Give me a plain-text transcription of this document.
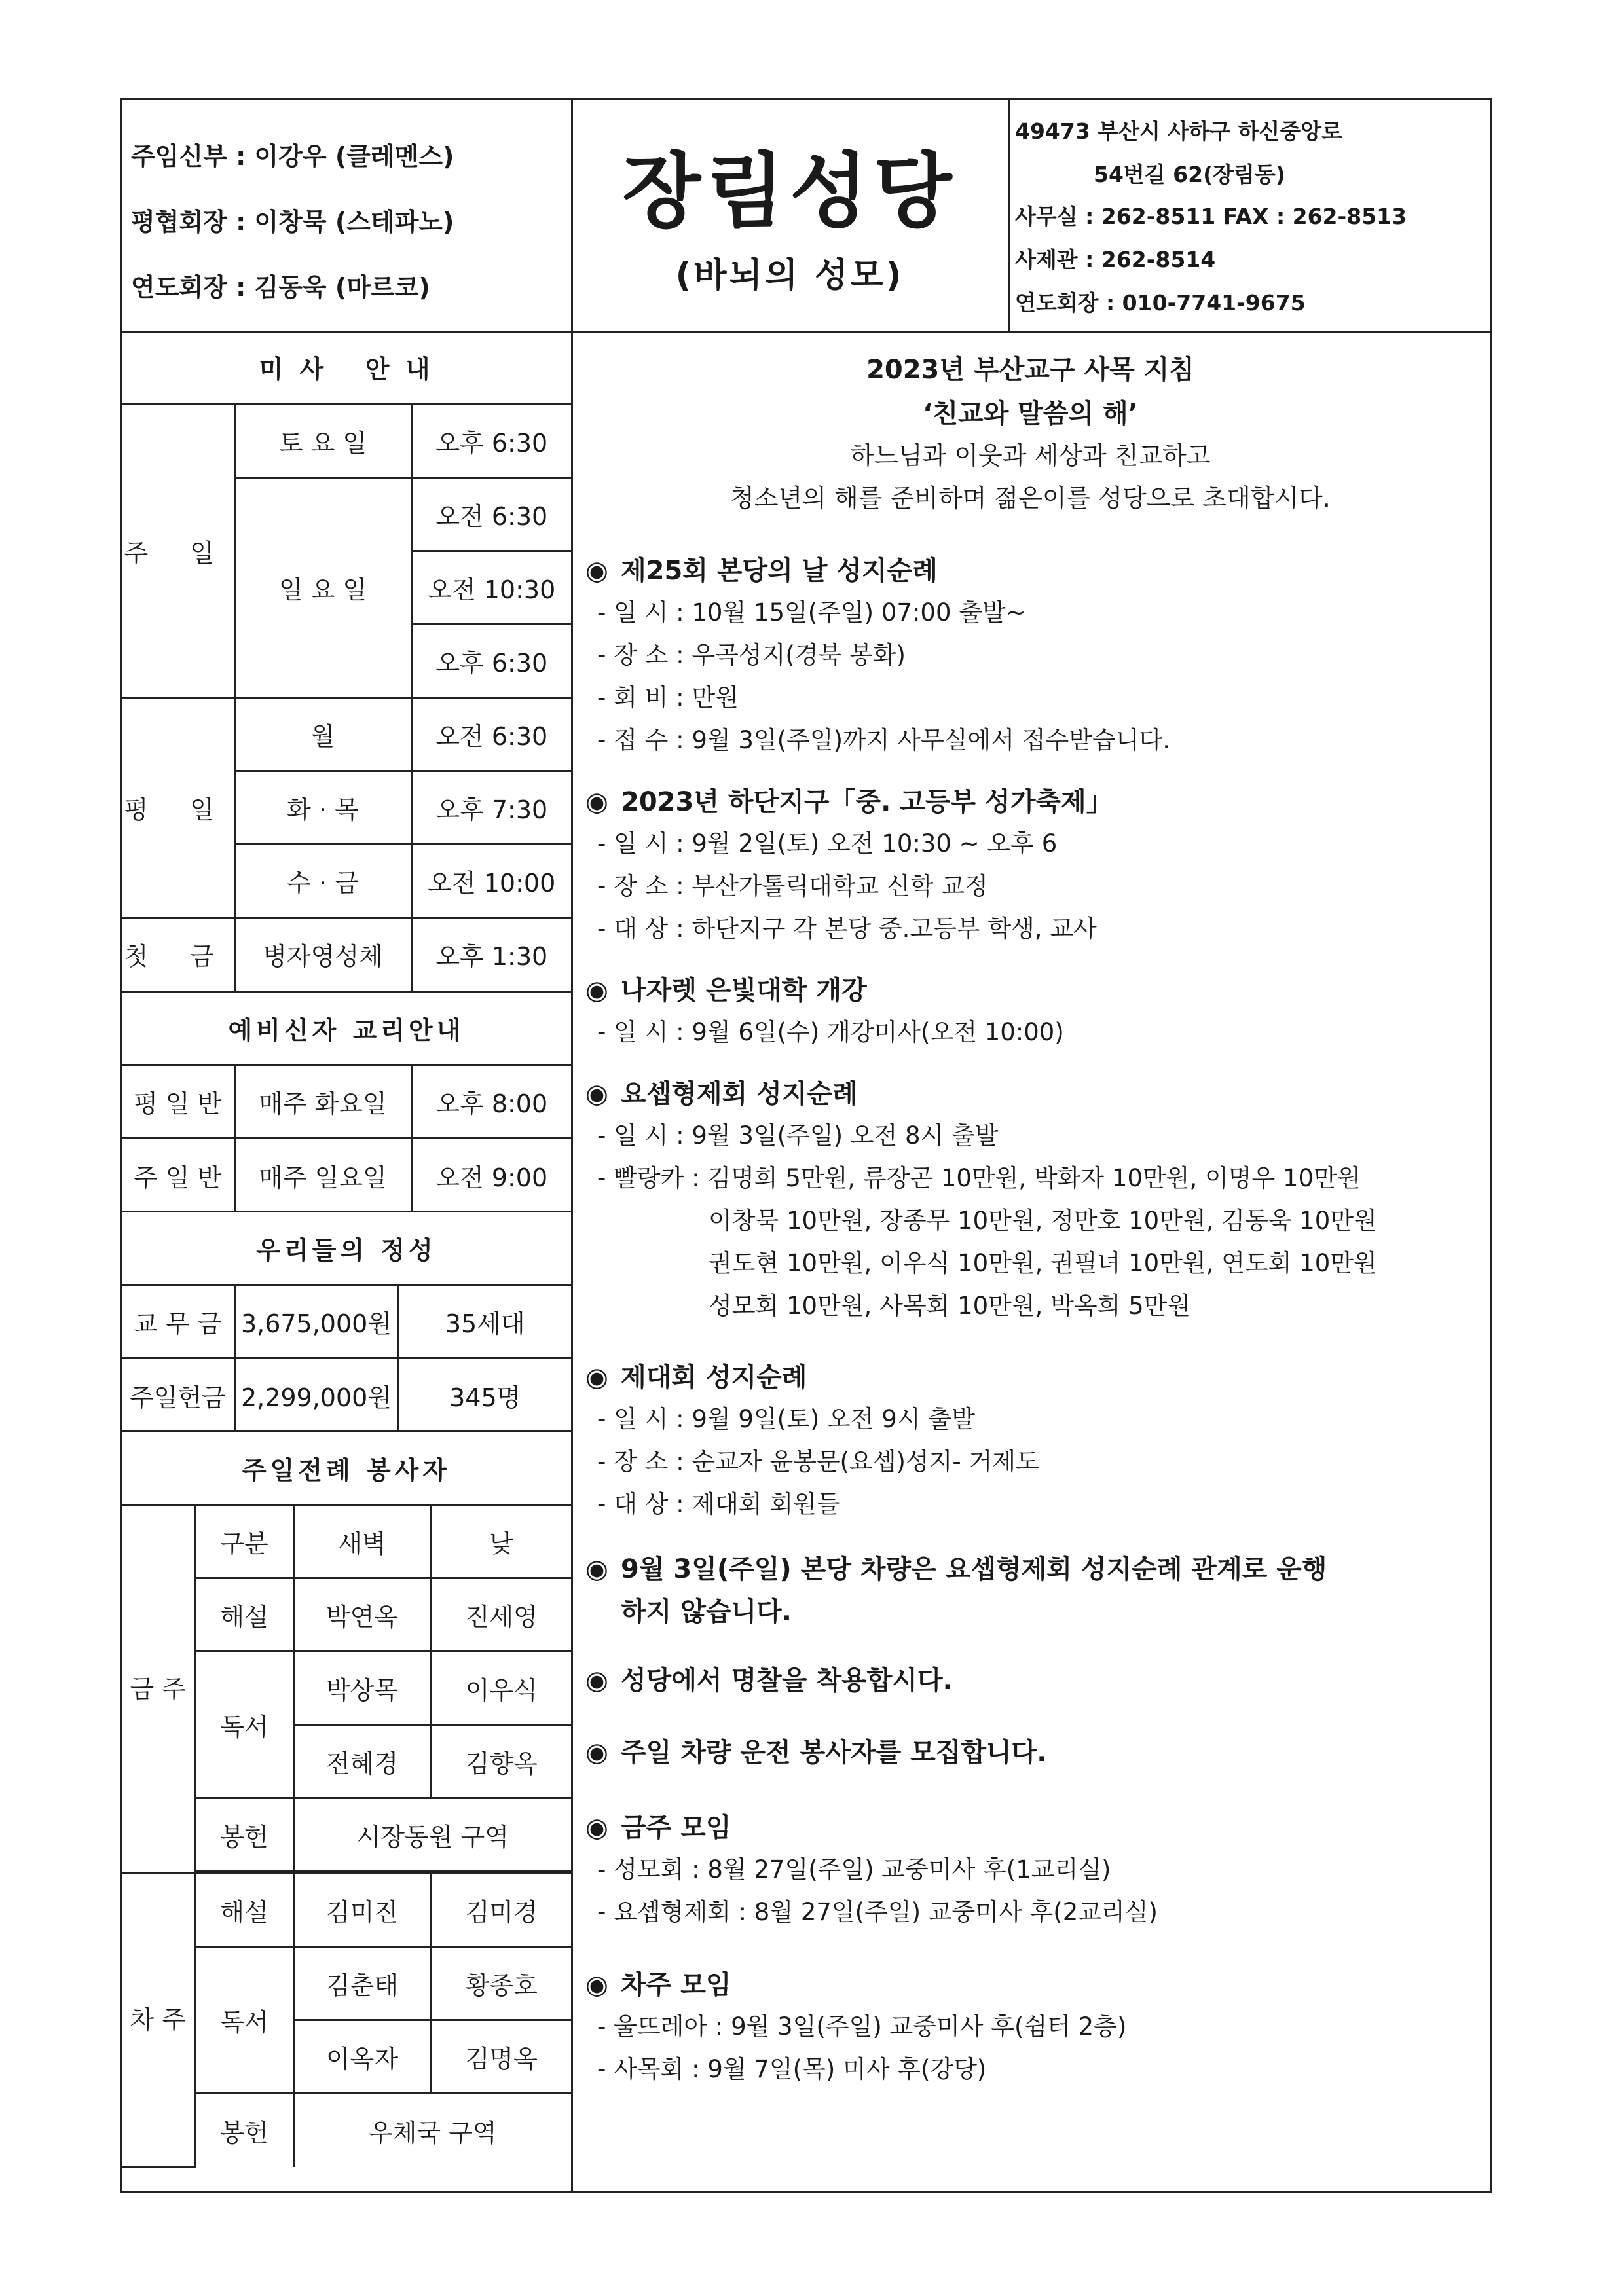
주임신부 : 이강우 (클레멘스)
평협회장 : 이창묵 (스테파노)
연도회장 : 김동욱 (마르코)
장림성당
(바뇌의 성모)
49473 부산시 사하구 하신중앙로
54번길 62(장림동)
사무실 : 262-8511 FAX : 262-8513
사제관 : 262-8514
연도회장 : 010-7741-9675
미 사   안 내		
주 일	토 요 일	오후 6:30
	일 요 일	오전 6:30
		오전 10:30
		오후 6:30
평 일	월	오전 6:30
	화 · 목	오후 7:30
	수 · 금	오전 10:00
첫 금	병자영성체	오후 1:30
예비신자 교리안내		
평 일 반	매주 화요일	오후 8:00
주 일 반	매주 일요일	오전 9:00
우리들의 정성		
교 무 금	3,675,000원	35세대
주일헌금	2,299,000원	345명
주일전례 봉사자			
금 주	구분	새벽	낮
	해설	박연옥	진세영
	독서	박상목	이우식
		전혜경	김향옥
	봉헌	시장동원 구역	

차 주	해설	김미진	김미경
	독서	김춘태	황종호
		이옥자	김명옥
	봉헌	우체국 구역	
2023년 부산교구 사목 지침
‘친교와 말씀의 해’
하느님과 이웃과 세상과 친교하고
청소년의 해를 준비하며 젊은이를 성당으로 초대합시다.
◉ 제25회 본당의 날 성지순례
- 일 시 : 10월 15일(주일) 07:00 출발~
- 장 소 : 우곡성지(경북 봉화)
- 회 비 : 만원
- 접 수 : 9월 3일(주일)까지 사무실에서 접수받습니다.
◉ 2023년 하단지구「중. 고등부 성가축제」
- 일 시 : 9월 2일(토) 오전 10:30 ~ 오후 6
- 장 소 : 부산가톨릭대학교 신학 교정
- 대 상 : 하단지구 각 본당 중.고등부 학생, 교사
◉ 나자렛 은빛대학 개강
- 일 시 : 9월 6일(수) 개강미사(오전 10:00)
◉ 요셉형제회 성지순례
- 일 시 : 9월 3일(주일) 오전 8시 출발
- 빨랑카 : 김명희 5만원, 류장곤 10만원, 박화자 10만원, 이명우 10만원
이창묵 10만원, 장종무 10만원, 정만호 10만원, 김동욱 10만원
권도현 10만원, 이우식 10만원, 권필녀 10만원, 연도회 10만원
성모회 10만원, 사목회 10만원, 박옥희 5만원
◉ 제대회 성지순례
- 일 시 : 9월 9일(토) 오전 9시 출발
- 장 소 : 순교자 윤봉문(요셉)성지- 거제도
- 대 상 : 제대회 회원들
◉ 9월 3일(주일) 본당 차량은 요셉형제회 성지순례 관계로 운행
하지 않습니다.
◉ 성당에서 명찰을 착용합시다.
◉ 주일 차량 운전 봉사자를 모집합니다.
◉ 금주 모임
- 성모회 : 8월 27일(주일) 교중미사 후(1교리실)
- 요셉형제회 : 8월 27일(주일) 교중미사 후(2교리실)
◉ 차주 모임
- 울뜨레아 : 9월 3일(주일) 교중미사 후(쉼터 2층)
- 사목회 : 9월 7일(목) 미사 후(강당)
